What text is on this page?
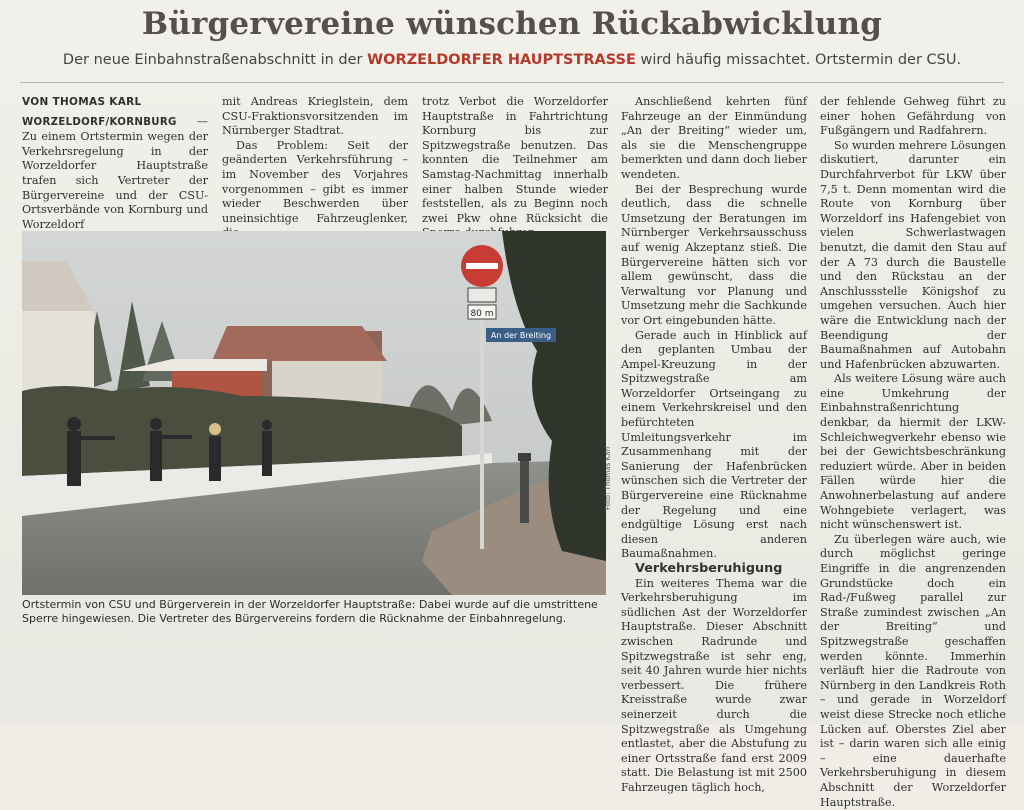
Bürgervereine wünschen Rückabwicklung
Der neue Einbahnstraßenabschnitt in der WORZELDORFER HAUPTSTRASSE wird häufig missachtet. Ortstermin der CSU.
VON THOMAS KARL

WORZELDORF/KORNBURG — Zu einem Ortstermin wegen der Verkehrsregelung in der Worzeldorfer Hauptstraße trafen sich Vertreter der Bürgervereine und der CSU-Ortsverbände von Kornburg und Worzeldorf

mit Andreas Krieglstein, dem CSU-Fraktionsvorsitzenden im Nürnberger Stadtrat.

Das Problem: Seit der geänderten Verkehrsführung – im November des Vorjahres vorgenommen – gibt es immer wieder Beschwerden über uneinsichtige Fahrzeuglenker,

trotz Verbot die Worzeldorfer Hauptstraße in Fahrtrichtung Kornburg bis zur Spitzwegstraße benutzen. Das konnten die Teilnehmer am Samstag-Nachmittag innerhalb einer halben Stunde wieder feststellen, als zu Beginn noch zwei Pkw ohne Rücksicht die

Anschließend kehrten fünf Fahrzeuge an der Einmündung „An der Breiting“ wieder um, als sie die Menschengruppe bemerkten und dann doch lieber wendeten.

Bei der Besprechung wurde deutlich, dass die schnelle Umsetzung der Beratungen im Nürnberger Verkehrsausschuss auf wenig Akzeptanz stieß. Die Bürgervereine hätten sich vor allem gewünscht, dass die Verwaltung vor Planung und Umsetzung mehr die Sachkunde vor Ort eingebunden hätte.

Gerade auch in Hinblick auf den geplanten Umbau der Ampel-Kreuzung in der Spitzwegstraße am Worzeldorfer Ortseingang zu einem Verkehrskreisel und den befürchteten Umleitungsverkehr im Zusammenhang mit der Sanierung der Hafenbrücken wünschen sich die Vertreter der Bürgervereine eine Rücknahme der Regelung und eine endgültige Lösung erst nach diesen anderen Baumaßnahmen.

Verkehrsberuhigung

Ein weiteres Thema war die Verkehrsberuhigung im südlichen Ast der Worzeldorfer Hauptstraße. Dieser Abschnitt zwischen Radrunde und Spitzwegstraße ist sehr eng, seit 40 Jahren wurde hier nichts verbessert. Die frühere Kreisstraße wurde zwar seinerzeit durch die Spitzwegstraße als Umgehung entlastet, aber die Abstufung zu einer Ortsstraße fand erst 2009 statt. Die Belastung ist mit 2500 Fahrzeugen täglich hoch,

der fehlende Gehweg führt zu einer hohen Gefährdung von Fußgängern und Radfahrern.

So wurden mehrere Lösungen diskutiert, darunter ein Durchfahrverbot für LKW über 7,5 t. Denn momentan wird die Route von Kornburg über Worzeldorf ins Hafengebiet von vielen Schwerlastwagen benutzt, die damit den Stau auf der A 73 durch die Baustelle und den Rückstau an der Anschlussstelle Königshof zu umgehen versuchen. Auch hier wäre die Entwicklung nach der Beendigung der Baumaßnahmen auf Autobahn und Hafenbrücken abzuwarten.

Als weitere Lösung wäre auch eine Umkehrung der Einbahnstraßenrichtung denkbar, da hiermit der LKW-Schleichwegverkehr ebenso wie bei der Gewichtsbeschränkung reduziert würde. Aber in beiden Fällen würde hier die Anwohnerbelastung auf andere Wohngebiete verlagert, was nicht wünschenswert ist.

Zu überlegen wäre auch, wie durch möglichst geringe Eingriffe in die angrenzenden Grundstücke doch ein Rad-/Fußweg parallel zur Straße zumindest zwischen „An der Breiting“ und Spitzwegstraße geschaffen werden könnte. Immerhin verläuft hier die Radroute von Nürnberg in den Landkreis Roth – und gerade in Worzeldorf weist diese Strecke noch etliche Lücken auf. Oberstes Ziel aber ist – darin waren sich alle einig – eine dauerhafte Verkehrsberuhigung in diesem Abschnitt der Worzeldorfer Hauptstraße.

80 m
An der Breiting
Foto: Thomas Karl
Ortstermin von CSU und Bürgerverein in der Worzeldorfer Hauptstraße: Dabei wurde auf die umstrittene Sperre hingewiesen. Die Vertreter des Bürgervereins fordern die Rücknahme der Einbahnregelung.
